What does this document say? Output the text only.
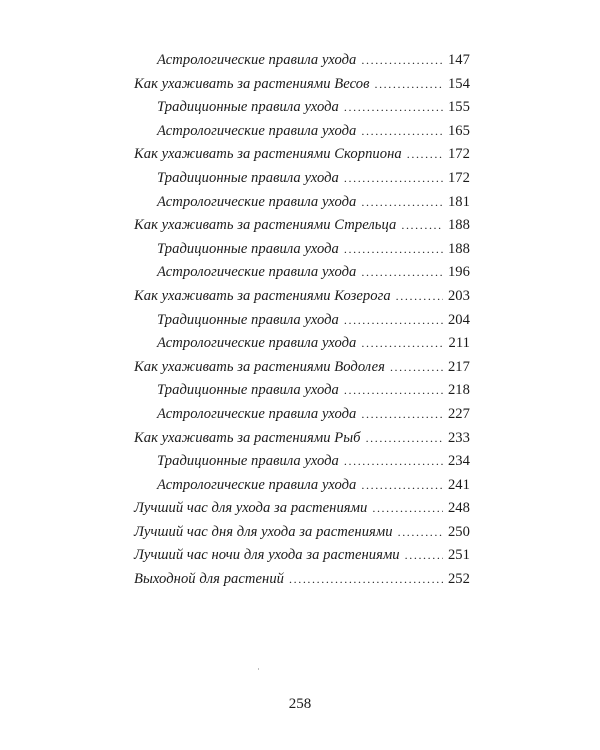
Астрологические правила ухода .....	147
Как ухаживать за растениями Весов .....	154
Традиционные правила ухода .....	155
Астрологические правила ухода .....	165
Как ухаживать за растениями Скорпиона .....	172
Традиционные правила ухода .....	172
Астрологические правила ухода .....	181
Как ухаживать за растениями Стрельца .....	188
Традиционные правила ухода .....	188
Астрологические правила ухода .....	196
Как ухаживать за растениями Козерога .....	203
Традиционные правила ухода .....	204
Астрологические правила ухода .....	211
Как ухаживать за растениями Водолея .....	217
Традиционные правила ухода .....	218
Астрологические правила ухода .....	227
Как ухаживать за растениями Рыб .....	233
Традиционные правила ухода .....	234
Астрологические правила ухода .....	241
Лучший час для ухода за растениями .....	248
Лучший час дня для ухода за растениями .....	250
Лучший час ночи для ухода за растениями .....	251
Выходной для растений .....	252
258
